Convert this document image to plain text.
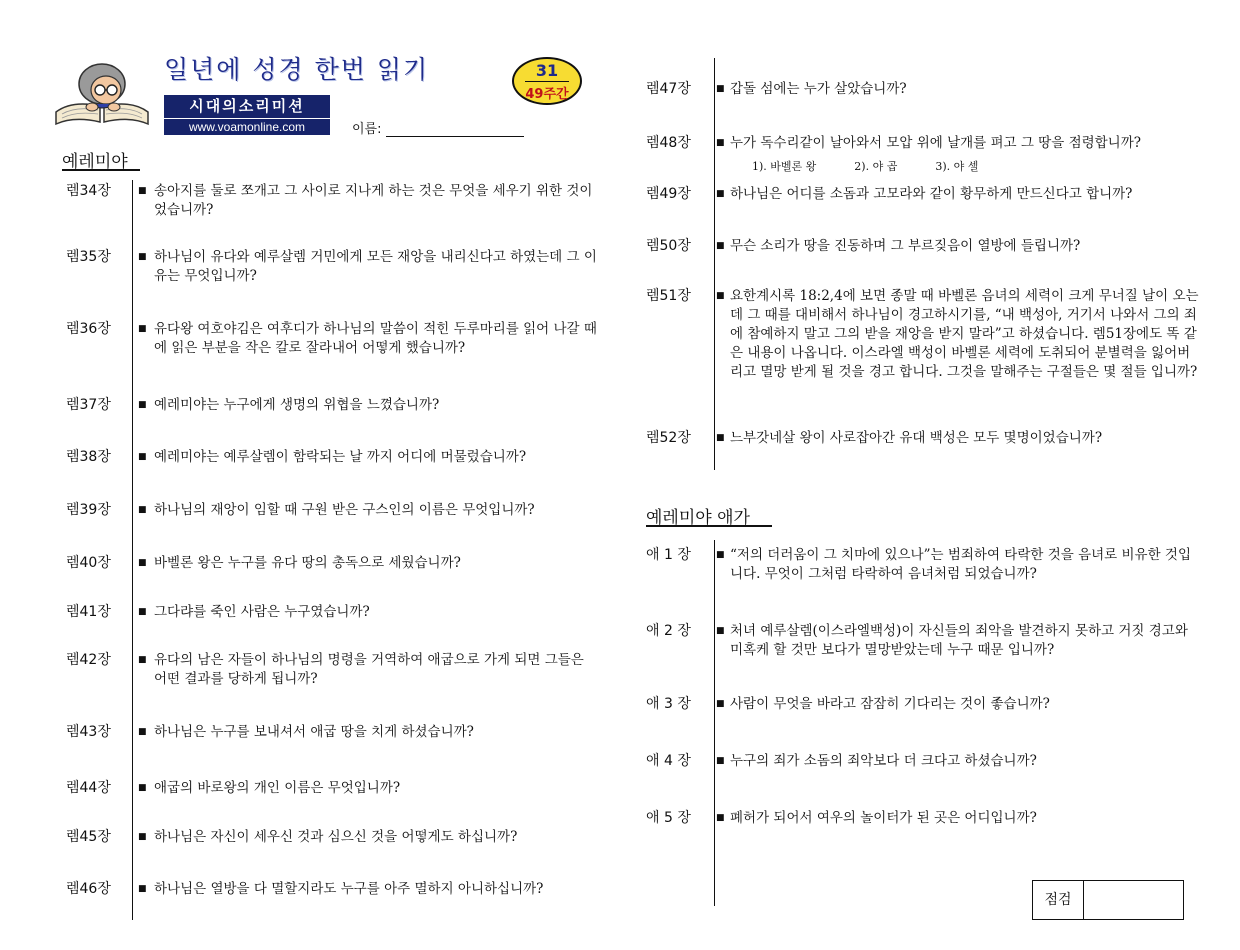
일년에 성경 한번 읽기	31
49주간
시대의소리미션
www.voamonline.com	이름:
예레미야
렘34장	■ 송아지를 둘로 쪼개고 그 사이로 지나게 하는 것은 무엇을 세우기 위한 것이었습니까?
렘35장	■ 하나님이 유다와 예루살렘 거민에게 모든 재앙을 내리신다고 하였는데 그 이유는 무엇입니까?
렘36장	■ 유다왕 여호야김은 여후디가 하나님의 말씀이 적힌 두루마리를 읽어 나갈 때에 읽은 부분을 작은 칼로 잘라내어 어떻게 했습니까?
렘37장	■ 예레미야는 누구에게 생명의 위협을 느꼈습니까?
렘38장	■ 예레미야는 예루살렘이 함락되는 날 까지 어디에 머물렀습니까?
렘39장	■ 하나님의 재앙이 임할 때 구원 받은 구스인의 이름은 무엇입니까?
렘40장	■ 바벨론 왕은 누구를 유다 땅의 총독으로 세웠습니까?
렘41장	■ 그다랴를 죽인 사람은 누구였습니까?
렘42장	■ 유다의 남은 자들이 하나님의 명령을 거역하여 애굽으로 가게 되면 그들은 어떤 결과를 당하게 됩니까?
렘43장	■ 하나님은 누구를 보내셔서 애굽 땅을 치게 하셨습니까?
렘44장	■ 애굽의 바로왕의 개인 이름은 무엇입니까?
렘45장	■ 하나님은 자신이 세우신 것과 심으신 것을 어떻게도 하십니까?
렘46장	■ 하나님은 열방을 다 멸할지라도 누구를 아주 멸하지 아니하십니까?
렘47장	■ 갑돌 섬에는 누가 살았습니까?
렘48장	■ 누가 독수리같이 날아와서 모압 위에 날개를 펴고 그 땅을 점령합니까?
1). 바벨론 왕	2). 야 곱	3). 야 셀
렘49장	■ 하나님은 어디를 소돔과 고모라와 같이 황무하게 만드신다고 합니까?
렘50장	■ 무슨 소리가 땅을 진동하며 그 부르짖음이 열방에 들립니까?
렘51장	■ 요한계시록 18:2,4에 보면 종말 때 바벨론 음녀의 세력이 크게 무너질 날이 오는데 그 때를 대비해서 하나님이 경고하시기를, “내 백성아, 거기서 나와서 그의 죄에 참예하지 말고 그의 받을 재앙을 받지 말라”고 하셨습니다. 렘51장에도 똑 같은 내용이 나옵니다. 이스라엘 백성이 바벨론 세력에 도취되어 분별력을 잃어버리고 멸망 받게 될 것을 경고 합니다. 그것을 말해주는 구절들은 몇 절들 입니까?
렘52장	■ 느부갓네살 왕이 사로잡아간 유대 백성은 모두 몇명이었습니까?
예레미야 애가
애 1 장	■ “저의 더러움이 그 치마에 있으나”는 범죄하여 타락한 것을 음녀로 비유한 것입니다. 무엇이 그처럼 타락하여 음녀처럼 되었습니까?
애 2 장	■ 처녀 예루살렘(이스라엘백성)이 자신들의 죄악을 발견하지 못하고 거짓 경고와 미혹케 할 것만 보다가 멸망받았는데 누구 때문 입니까?
애 3 장	■ 사람이 무엇을 바라고 잠잠히 기다리는 것이 좋습니까?
애 4 장	■ 누구의 죄가 소돔의 죄악보다 더 크다고 하셨습니까?
애 5 장	■ 폐허가 되어서 여우의 놀이터가 된 곳은 어디입니까?
점검
